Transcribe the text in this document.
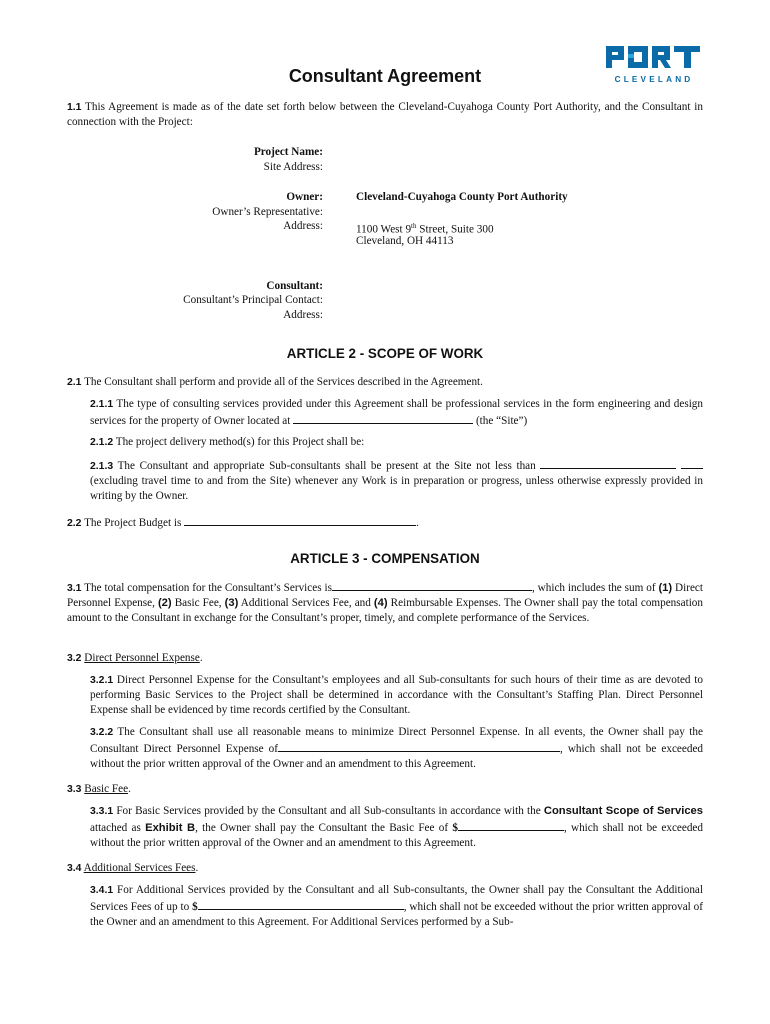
CLEVELAND
Consultant Agreement
1.1 This Agreement is made as of the date set forth below between the Cleveland-Cuyahoga County Port Authority, and the Consultant in connection with the Project:
Project Name:
Site Address:
Owner:	Cleveland-Cuyahoga County Port Authority
Owner’s Representative:
Address:	1100 West 9th Street, Suite 300
Cleveland, OH 44113
Consultant:
Consultant’s Principal Contact:
Address:
ARTICLE 2 - SCOPE OF WORK
2.1 The Consultant shall perform and provide all of the Services described in the Agreement.
2.1.1 The type of consulting services provided under this Agreement shall be professional services in the form engineering and design services for the property of Owner located at	(the “Site”)
2.1.2 The project delivery method(s) for this Project shall be:
2.1.3 The Consultant and appropriate Sub-consultants shall be present at the Site not less than  (excluding travel time to and from the Site) whenever any Work is in preparation or progress, unless otherwise expressly provided in writing by the Owner.
2.2 The Project Budget is	.
ARTICLE 3 - COMPENSATION
3.1 The total compensation for the Consultant’s Services is	, which includes the sum of (1) Direct Personnel Expense, (2) Basic Fee, (3) Additional Services Fee, and (4) Reimbursable Expenses. The Owner shall pay the total compensation amount to the Consultant in exchange for the Consultant’s proper, timely, and complete performance of the Services.
3.2 Direct Personnel Expense.
3.2.1 Direct Personnel Expense for the Consultant’s employees and all Sub-consultants for such hours of their time as are devoted to performing Basic Services to the Project shall be determined in accordance with the Consultant’s Staffing Plan. Direct Personnel Expense shall be evidenced by time records certified by the Consultant.
3.2.2 The Consultant shall use all reasonable means to minimize Direct Personnel Expense. In all events, the Owner shall pay the Consultant Direct Personnel Expense of	, which shall not be exceeded without the prior written approval of the Owner and an amendment to this Agreement.
3.3 Basic Fee.
3.3.1 For Basic Services provided by the Consultant and all Sub-consultants in accordance with the Consultant Scope of Services attached as Exhibit B, the Owner shall pay the Consultant the Basic Fee of $	, which shall not be exceeded without the prior written approval of the Owner and an amendment to this Agreement.
3.4 Additional Services Fees.
3.4.1 For Additional Services provided by the Consultant and all Sub-consultants, the Owner shall pay the Consultant the Additional Services Fees of up to $	, which shall not be exceeded without the prior written approval of the Owner and an amendment to this Agreement. For Additional Services performed by a Sub-
